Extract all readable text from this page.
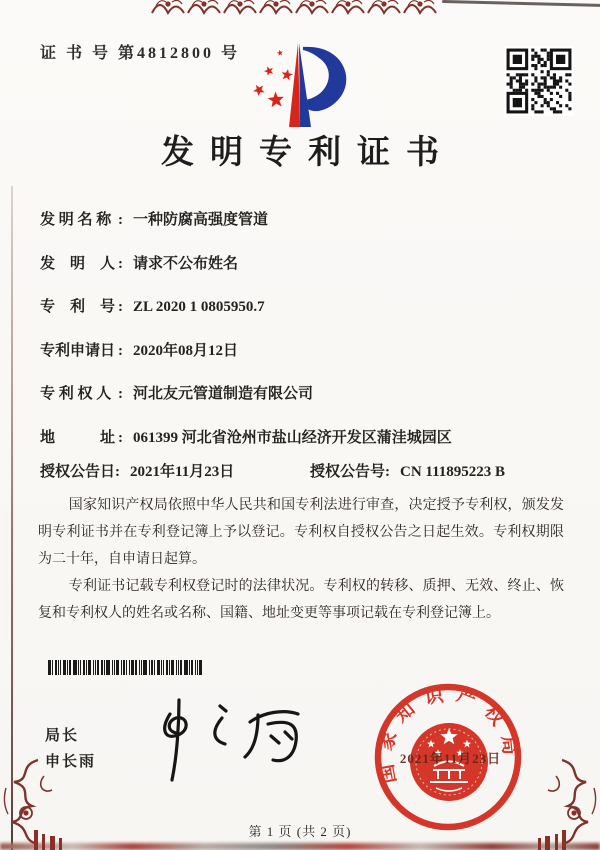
证 书 号 第4812800 号
发明专利证书
发 明 名 称 : 一种防腐高强度管道
发　明　人 : 请求不公布姓名
专　利　号 : ZL 2020 1 0805950.7
专利申请日 : 2020年08月12日
专 利 权 人 : 河北友元管道制造有限公司
地　　　址 : 061399 河北省沧州市盐山经济开发区蒲洼城园区
授权公告日: 2021年11月23日	授权公告号: CN 111895223 B

国家知识产权局依照中华人民共和国专利法进行审查，决定授予专利权，颁发发明专利证书并在专利登记簿上予以登记。专利权自授权公告之日起生效。专利权期限为二十年，自申请日起算。

专利证书记载专利权登记时的法律状况。专利权的转移、质押、无效、终止、恢复和专利权人的姓名或名称、国籍、地址变更等事项记载在专利登记簿上。

局长
申长雨	国家知识产权局
2021年11月23日
第 1 页 (共 2 页)
